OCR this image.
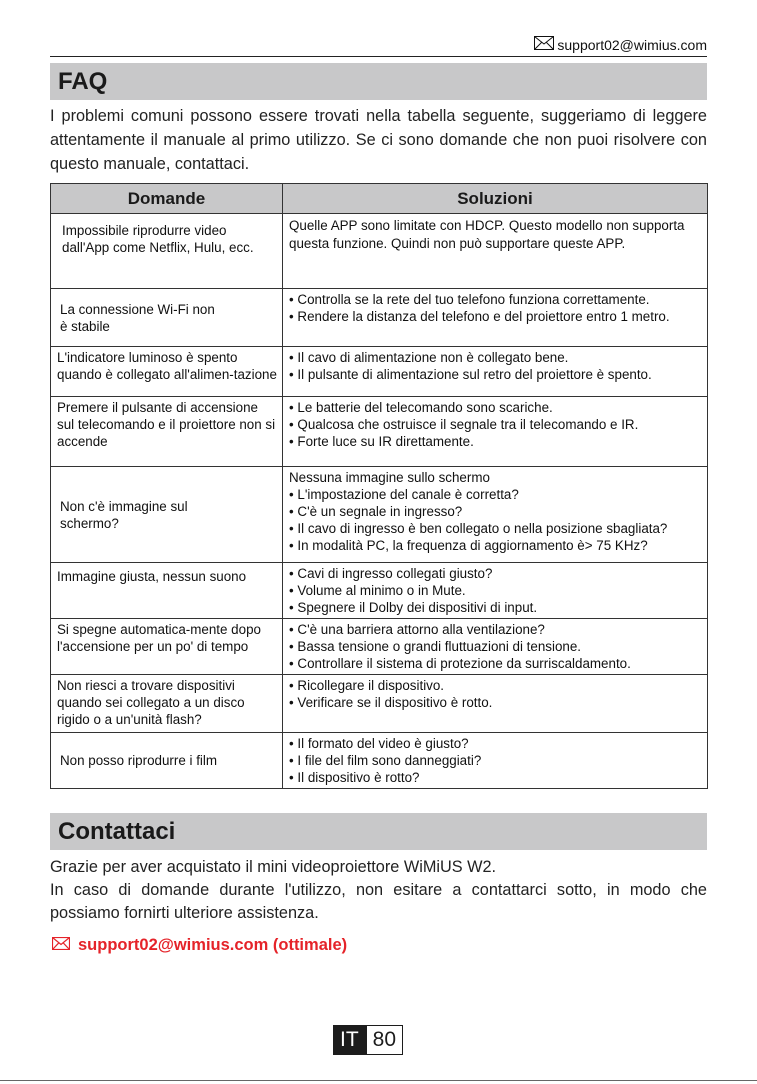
support02@wimius.com
FAQ

I problemi comuni possono essere trovati nella tabella seguente, suggeriamo di leggere attentamente il manuale al primo utilizzo. Se ci sono domande che non puoi risolvere con questo manuale, contattaci.

Domande	Soluzioni
Impossibile riprodurre video dall'App come Netflix, Hulu, ecc.	Quelle APP sono limitate con HDCP. Questo modello non supporta questa funzione. Quindi non può supportare queste APP.

La connessione Wi-Fi non è stabile	• Controlla se la rete del tuo telefono funziona correttamente.
• Rendere la distanza del telefono e del proiettore entro 1 metro.

L'indicatore luminoso è spento quando è collegato all'alimen-tazione	• Il cavo di alimentazione non è collegato bene.
• Il pulsante di alimentazione sul retro del proiettore è spento.

Premere il pulsante di accensione sul telecomando e il proiettore non si accende	• Le batterie del telecomando sono scariche.
• Qualcosa che ostruisce il segnale tra il telecomando e IR.
• Forte luce su IR direttamente.

Non c'è immagine sul schermo?	Nessuna immagine sullo schermo
• L'impostazione del canale è corretta?
• C'è un segnale in ingresso?
• Il cavo di ingresso è ben collegato o nella posizione sbagliata?
• In modalità PC, la frequenza di aggiornamento è> 75 KHz?

Immagine giusta, nessun suono	• Cavi di ingresso collegati giusto?
• Volume al minimo o in Mute.
• Spegnere il Dolby dei dispositivi di input.

Si spegne automatica-mente dopo l'accensione per un po' di tempo	• C'è una barriera attorno alla ventilazione?
• Bassa tensione o grandi fluttuazioni di tensione.
• Controllare il sistema di protezione da surriscaldamento.

Non riesci a trovare dispositivi quando sei collegato a un disco rigido o a un'unità flash?	• Ricollegare il dispositivo.
• Verificare se il dispositivo è rotto.

Non posso riprodurre i film	• Il formato del video è giusto?
• I file del film sono danneggiati?
• Il dispositivo è rotto?
Contattaci

Grazie per aver acquistato il mini videoproiettore WiMiUS W2.
In caso di domande durante l'utilizzo, non esitare a contattarci sotto, in modo che possiamo fornirti ulteriore assistenza.

support02@wimius.com (ottimale)
IT 80
